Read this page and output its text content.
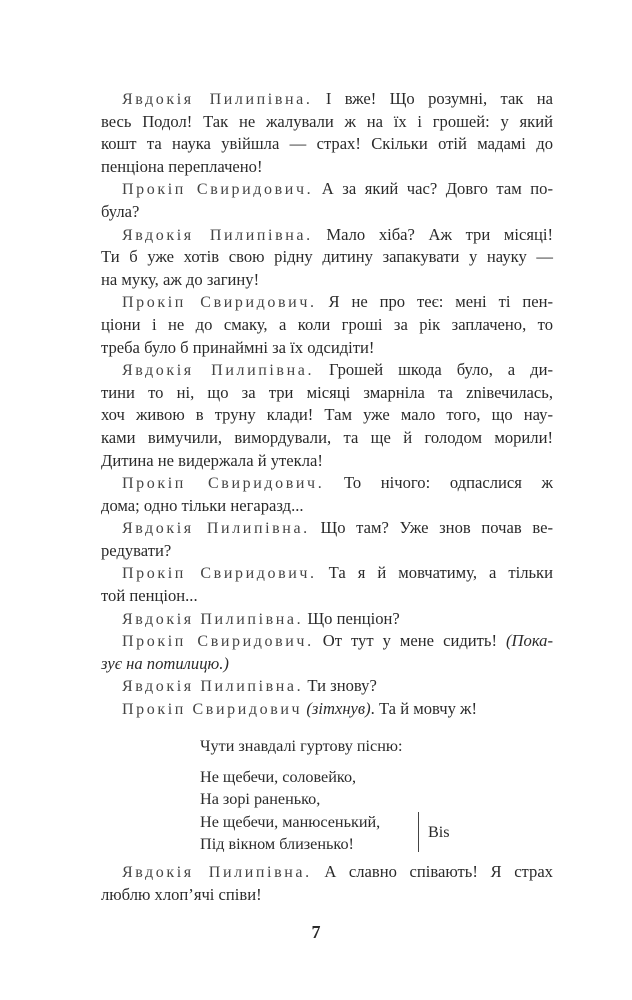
Явдокія Пилипівна. І вже! Що розумні, так на
весь Подол! Так не жалували ж на їх і грошей: у який
кошт та наука увійшла — страх! Скільки отій мадамі до
пенціона переплачено!
Прокіп Свиридович. А за який час? Довго там по-
була?
Явдокія Пилипівна. Мало хіба? Аж три місяці!
Ти б уже хотів свою рідну дитину запакувати у науку —
на муку, аж до загину!
Прокіп Свиридович. Я не про теє: мені ті пен-
ціони і не до смаку, а коли гроші за рік заплачено, то
треба було б принаймні за їх одсидіти!
Явдокія Пилипівна. Грошей шкода було, а ди-
тини то ні, що за три місяці змарніла та znівечилась,
хоч живою в труну клади! Там уже мало того, що нау-
ками вимучили, вимордували, та ще й голодом морили!
Дитина не видержала й утекла!
Прокіп Свиридович. То нічого: одпаслися ж
дома; одно тільки негаразд...
Явдокія Пилипівна. Що там? Уже знов почав ве-
редувати?
Прокіп Свиридович. Та я й мовчатиму, а тільки
той пенціон...
Явдокія Пилипівна. Що пенціон?
Прокіп Свиридович. От тут у мене сидить! (Пока-
зує на потилицю.)
Явдокія Пилипівна. Ти знову?
Прокіп Свиридович (зітхнув). Та й мовчу ж!
Чути знавдалі гуртову пісню:
Не щебечи, соловейко,
На зорі раненько,
Не щебечи, манюсенький,
Під вікном близенько!
Bis
Явдокія Пилипівна. А славно співають! Я страх
люблю хлоп’ячі співи!
7
